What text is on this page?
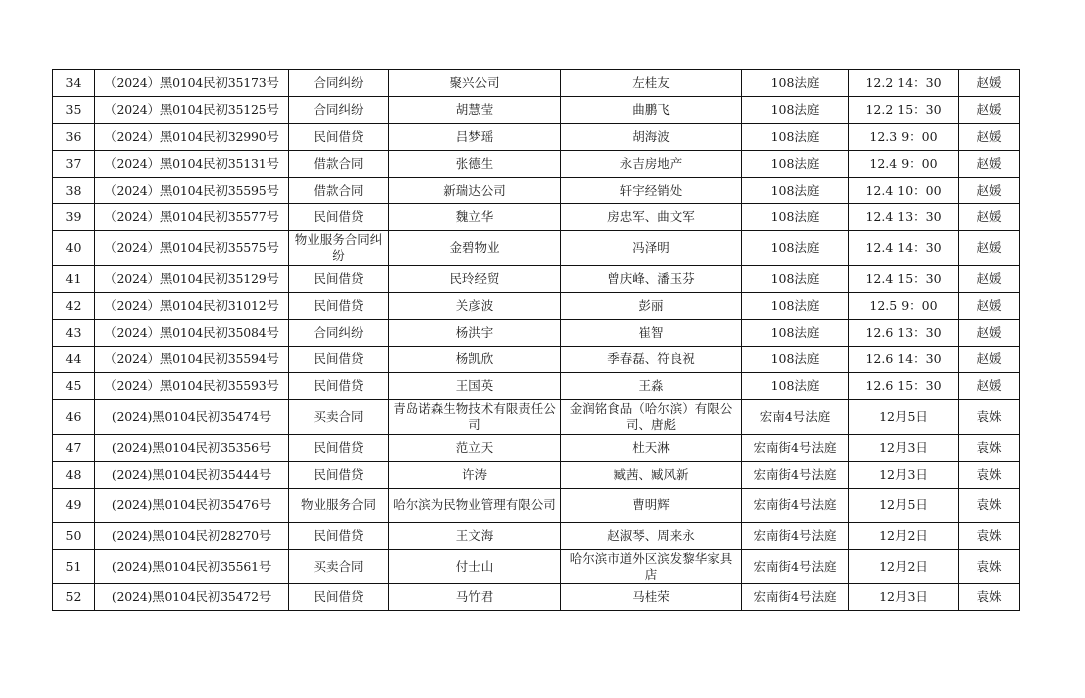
34	（2024）黑0104民初35173号	合同纠纷	聚兴公司	左桂友	108法庭	12.2 14：30	赵媛
35	（2024）黑0104民初35125号	合同纠纷	胡慧莹	曲鹏飞	108法庭	12.2 15：30	赵媛
36	（2024）黑0104民初32990号	民间借贷	吕梦瑶	胡海波	108法庭	12.3 9：00	赵媛
37	（2024）黑0104民初35131号	借款合同	张德生	永吉房地产	108法庭	12.4 9：00	赵媛
38	（2024）黑0104民初35595号	借款合同	新瑞达公司	轩宇经销处	108法庭	12.4 10：00	赵媛
39	（2024）黑0104民初35577号	民间借贷	魏立华	房忠军、曲文军	108法庭	12.4 13：30	赵媛
40	（2024）黑0104民初35575号	物业服务合同纠纷	金碧物业	冯泽明	108法庭	12.4 14：30	赵媛
41	（2024）黑0104民初35129号	民间借贷	民玲经贸	曾庆峰、潘玉芬	108法庭	12.4 15：30	赵媛
42	（2024）黑0104民初31012号	民间借贷	关彦波	彭丽	108法庭	12.5 9：00	赵媛
43	（2024）黑0104民初35084号	合同纠纷	杨洪宇	崔智	108法庭	12.6 13：30	赵媛
44	（2024）黑0104民初35594号	民间借贷	杨凯欣	季春磊、符良祝	108法庭	12.6 14：30	赵媛
45	（2024）黑0104民初35593号	民间借贷	王国英	王淼	108法庭	12.6 15：30	赵媛
46	(2024)黑0104民初35474号	买卖合同	青岛诺森生物技术有限责任公司	金润铭食品（哈尔滨）有限公司、唐彪	宏南4号法庭	12月5日	袁姝
47	(2024)黑0104民初35356号	民间借贷	范立天	杜天淋	宏南街4号法庭	12月3日	袁姝
48	(2024)黑0104民初35444号	民间借贷	许涛	臧茜、臧风新	宏南街4号法庭	12月3日	袁姝
49	(2024)黑0104民初35476号	物业服务合同	哈尔滨为民物业管理有限公司	曹明辉	宏南街4号法庭	12月5日	袁姝
50	(2024)黑0104民初28270号	民间借贷	王文海	赵淑琴、周来永	宏南街4号法庭	12月2日	袁姝
51	(2024)黑0104民初35561号	买卖合同	付士山	哈尔滨市道外区滨发黎华家具店	宏南街4号法庭	12月2日	袁姝
52	(2024)黑0104民初35472号	民间借贷	马竹君	马桂荣	宏南街4号法庭	12月3日	袁姝
